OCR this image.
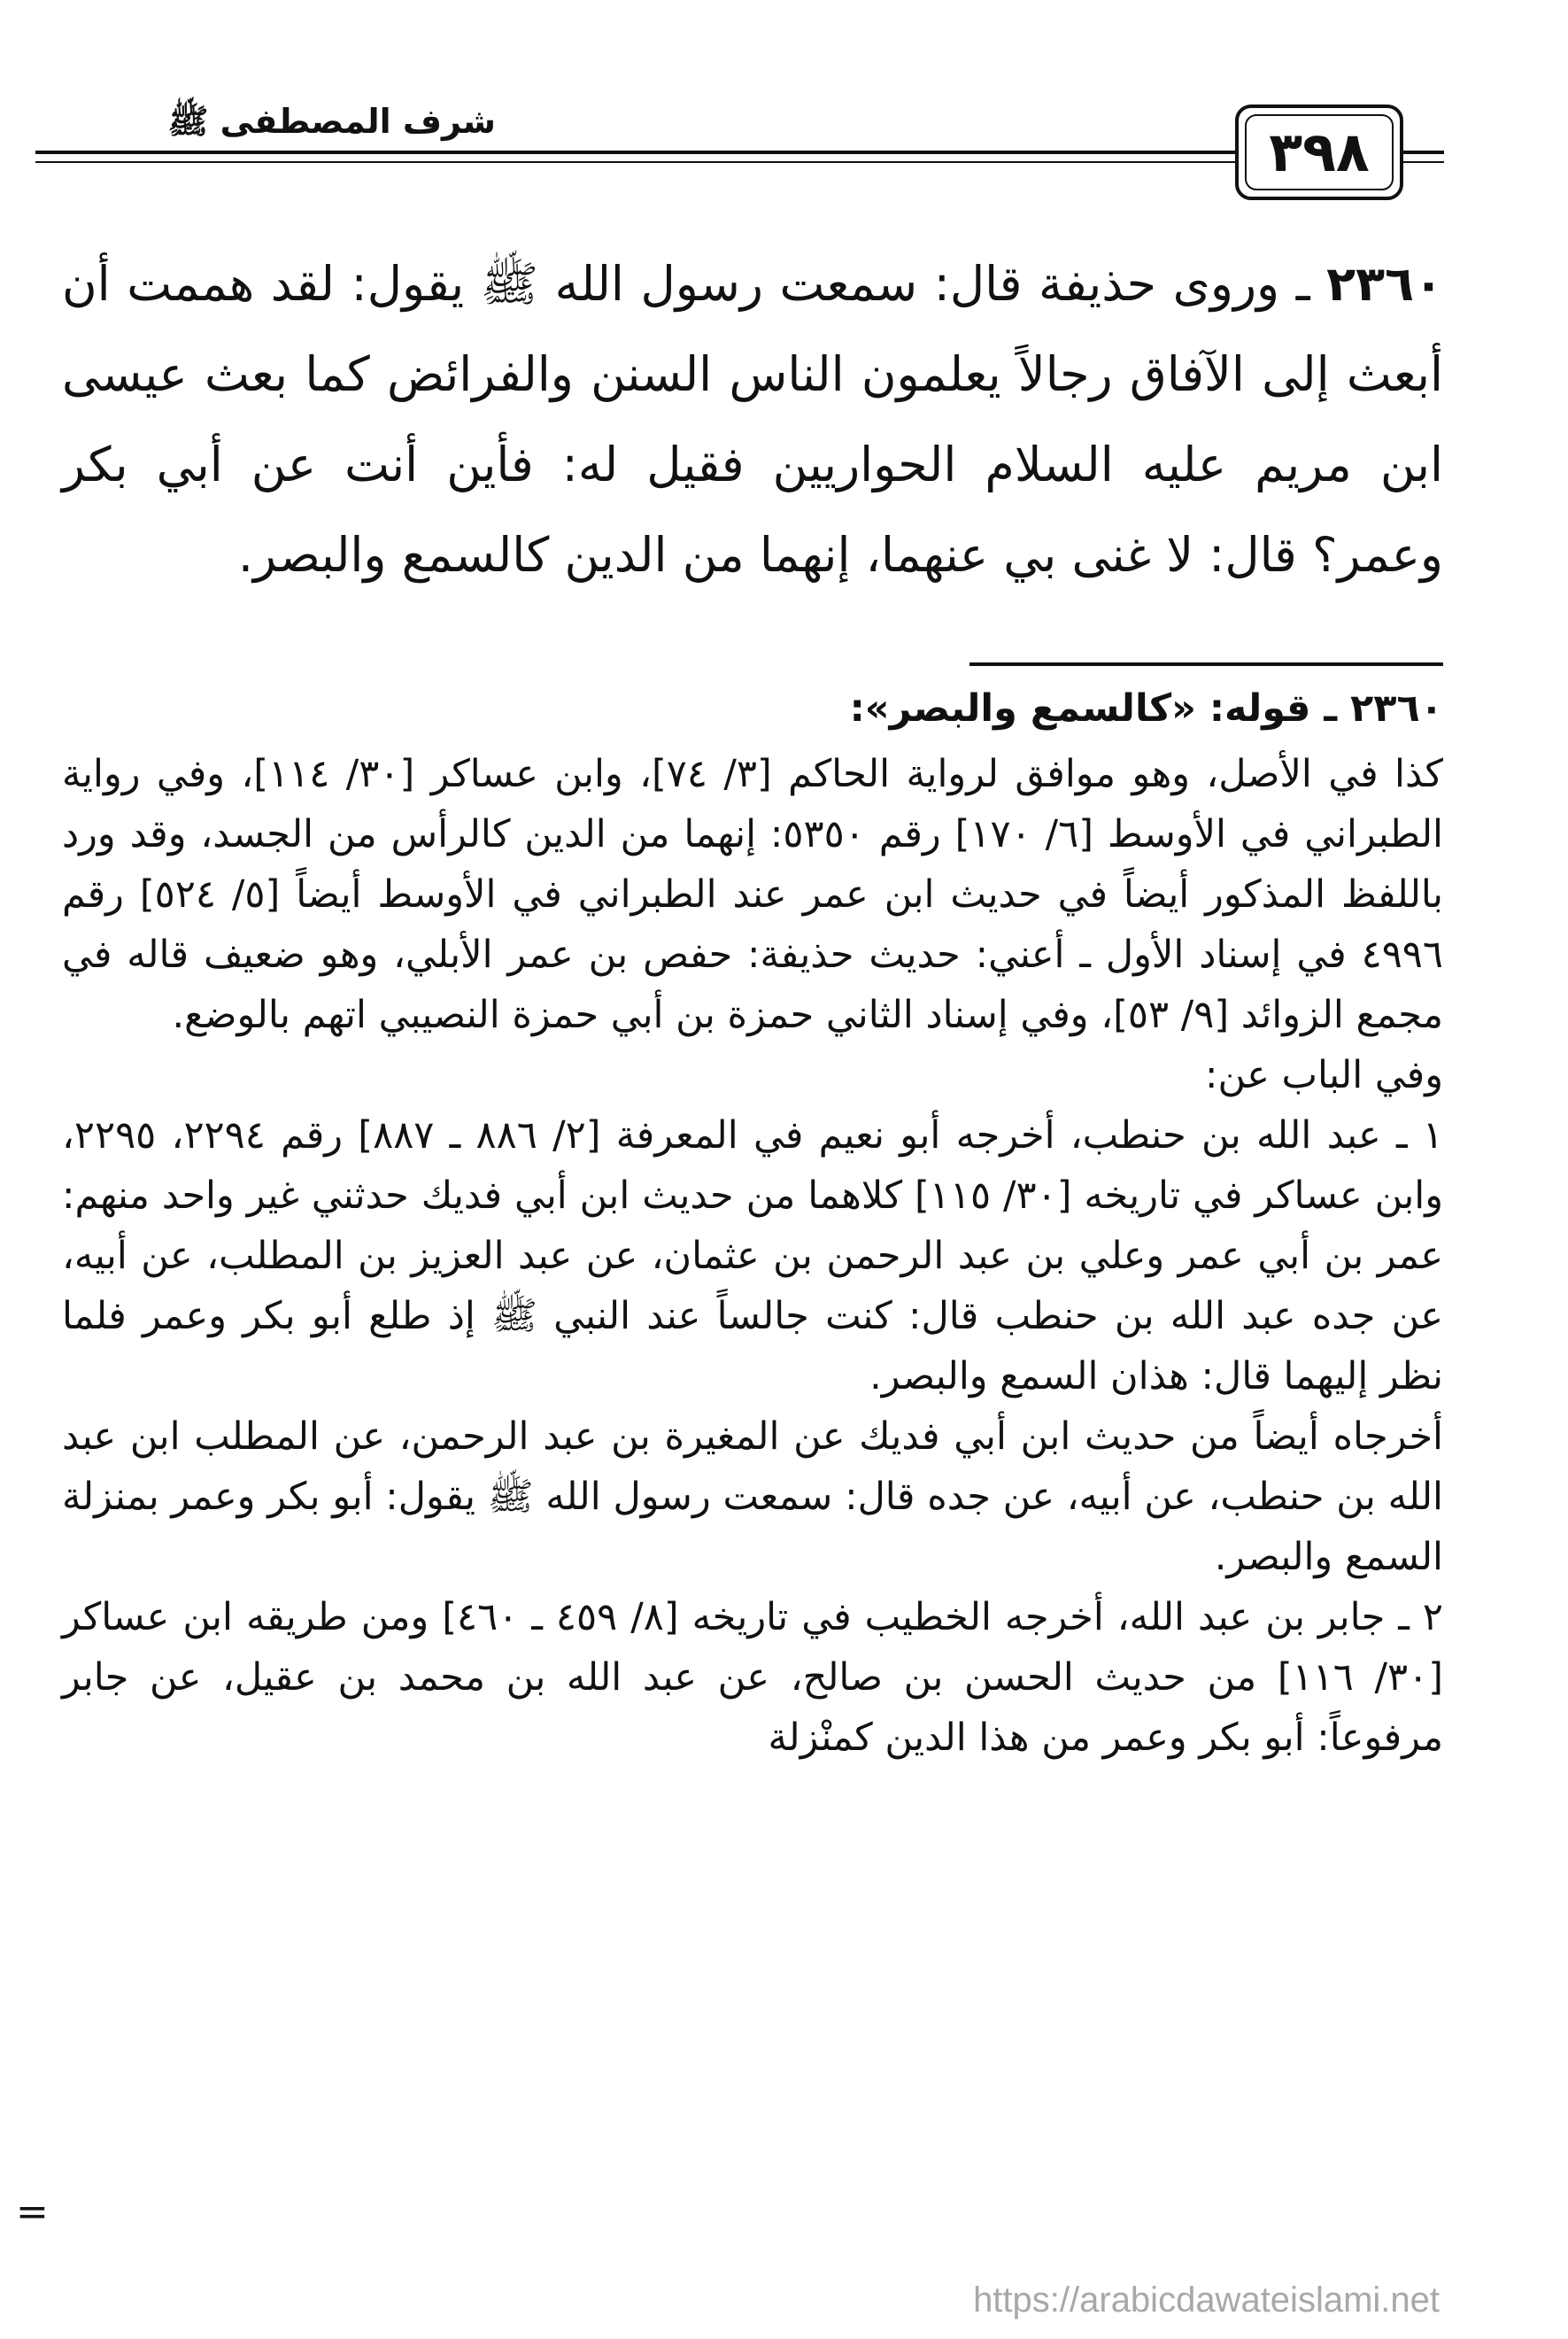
شرف المصطفى ﷺ	٣٩٨
٢٣٦٠ ـ وروى حذيفة قال: سمعت رسول الله ﷺ يقول: لقد هممت أن أبعث إلى الآفاق رجالاً يعلمون الناس السنن والفرائض كما بعث عيسى ابن مريم عليه السلام الحواريين فقيل له: فأين أنت عن أبي بكر وعمر؟ قال: لا غنى بي عنهما، إنهما من الدين كالسمع والبصر.

٢٣٦٠ ـ قوله: «كالسمع والبصر»:

كذا في الأصل، وهو موافق لرواية الحاكم [٣/ ٧٤]، وابن عساكر [٣٠/ ١١٤]، وفي رواية الطبراني في الأوسط [٦/ ١٧٠] رقم ٥٣٥٠: إنهما من الدين كالرأس من الجسد، وقد ورد باللفظ المذكور أيضاً في حديث ابن عمر عند الطبراني في الأوسط أيضاً [٥/ ٥٢٤] رقم ٤٩٩٦ في إسناد الأول ـ أعني: حديث حذيفة: حفص بن عمر الأبلي، وهو ضعيف قاله في مجمع الزوائد [٩/ ٥٣]، وفي إسناد الثاني حمزة بن أبي حمزة النصيبي اتهم بالوضع.

وفي الباب عن:

١ ـ عبد الله بن حنطب، أخرجه أبو نعيم في المعرفة [٢/ ٨٨٦ ـ ٨٨٧] رقم ٢٢٩٤، ٢٢٩٥، وابن عساكر في تاريخه [٣٠/ ١١٥] كلاهما من حديث ابن أبي فديك حدثني غير واحد منهم: عمر بن أبي عمر وعلي بن عبد الرحمن بن عثمان، عن عبد العزيز بن المطلب، عن أبيه، عن جده عبد الله بن حنطب قال: كنت جالساً عند النبي ﷺ إذ طلع أبو بكر وعمر فلما نظر إليهما قال: هذان السمع والبصر.

أخرجاه أيضاً من حديث ابن أبي فديك عن المغيرة بن عبد الرحمن، عن المطلب ابن عبد الله بن حنطب، عن أبيه، عن جده قال: سمعت رسول الله ﷺ يقول: أبو بكر وعمر بمنزلة السمع والبصر.

٢ ـ جابر بن عبد الله، أخرجه الخطيب في تاريخه [٨/ ٤٥٩ ـ ٤٦٠] ومن طريقه ابن عساكر [٣٠/ ١١٦] من حديث الحسن بن صالح، عن عبد الله بن محمد بن عقيل، عن جابر مرفوعاً: أبو بكر وعمر من هذا الدين كمنْزلة

=
https://arabicdawateislami.net
